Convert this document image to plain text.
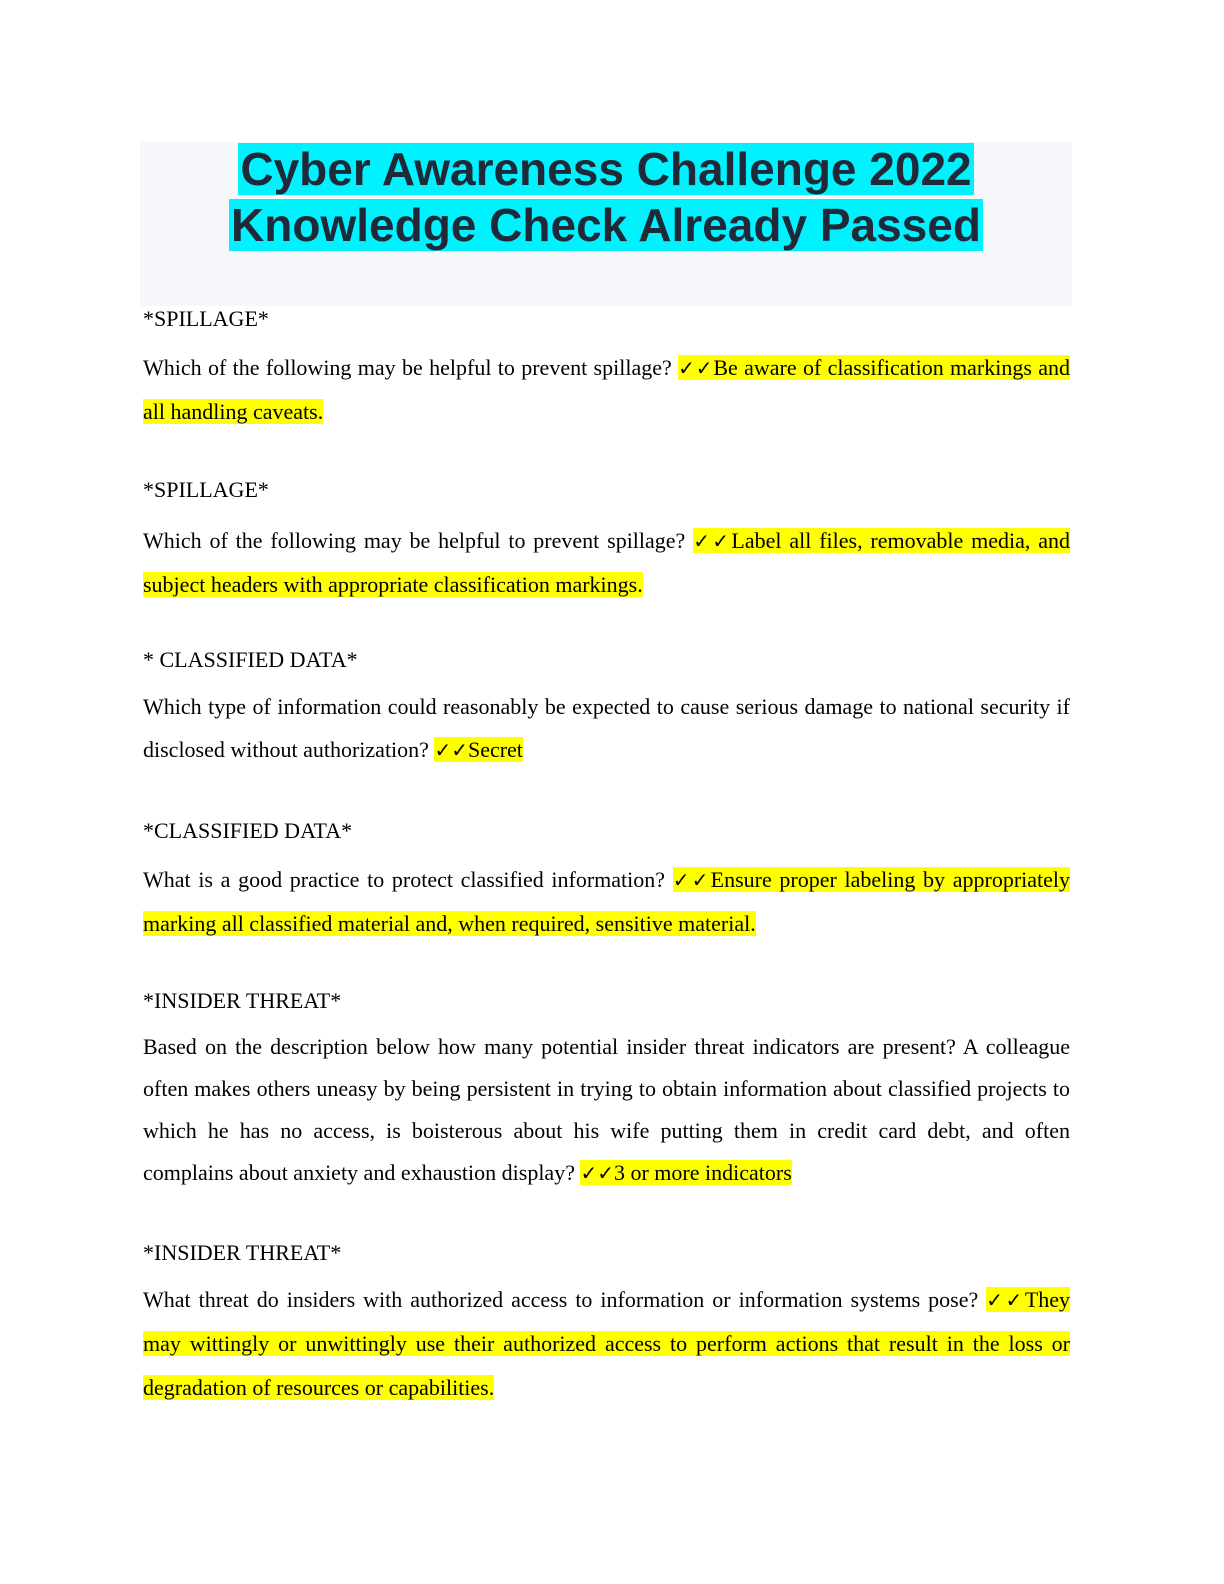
Cyber Awareness Challenge 2022
Knowledge Check Already Passed

*SPILLAGE*

Which of the following may be helpful to prevent spillage? ✓✓Be aware of classification markings and all handling caveats.

*SPILLAGE*

Which of the following may be helpful to prevent spillage? ✓✓Label all files, removable media, and subject headers with appropriate classification markings.

* CLASSIFIED DATA*

Which type of information could reasonably be expected to cause serious damage to national security if disclosed without authorization? ✓✓Secret

*CLASSIFIED DATA*

What is a good practice to protect classified information? ✓✓Ensure proper labeling by appropriately marking all classified material and, when required, sensitive material.

*INSIDER THREAT*

Based on the description below how many potential insider threat indicators are present? A colleague often makes others uneasy by being persistent in trying to obtain information about classified projects to which he has no access, is boisterous about his wife putting them in credit card debt, and often complains about anxiety and exhaustion display? ✓✓3 or more indicators

*INSIDER THREAT*

What threat do insiders with authorized access to information or information systems pose? ✓✓They may wittingly or unwittingly use their authorized access to perform actions that result in the loss or degradation of resources or capabilities.
